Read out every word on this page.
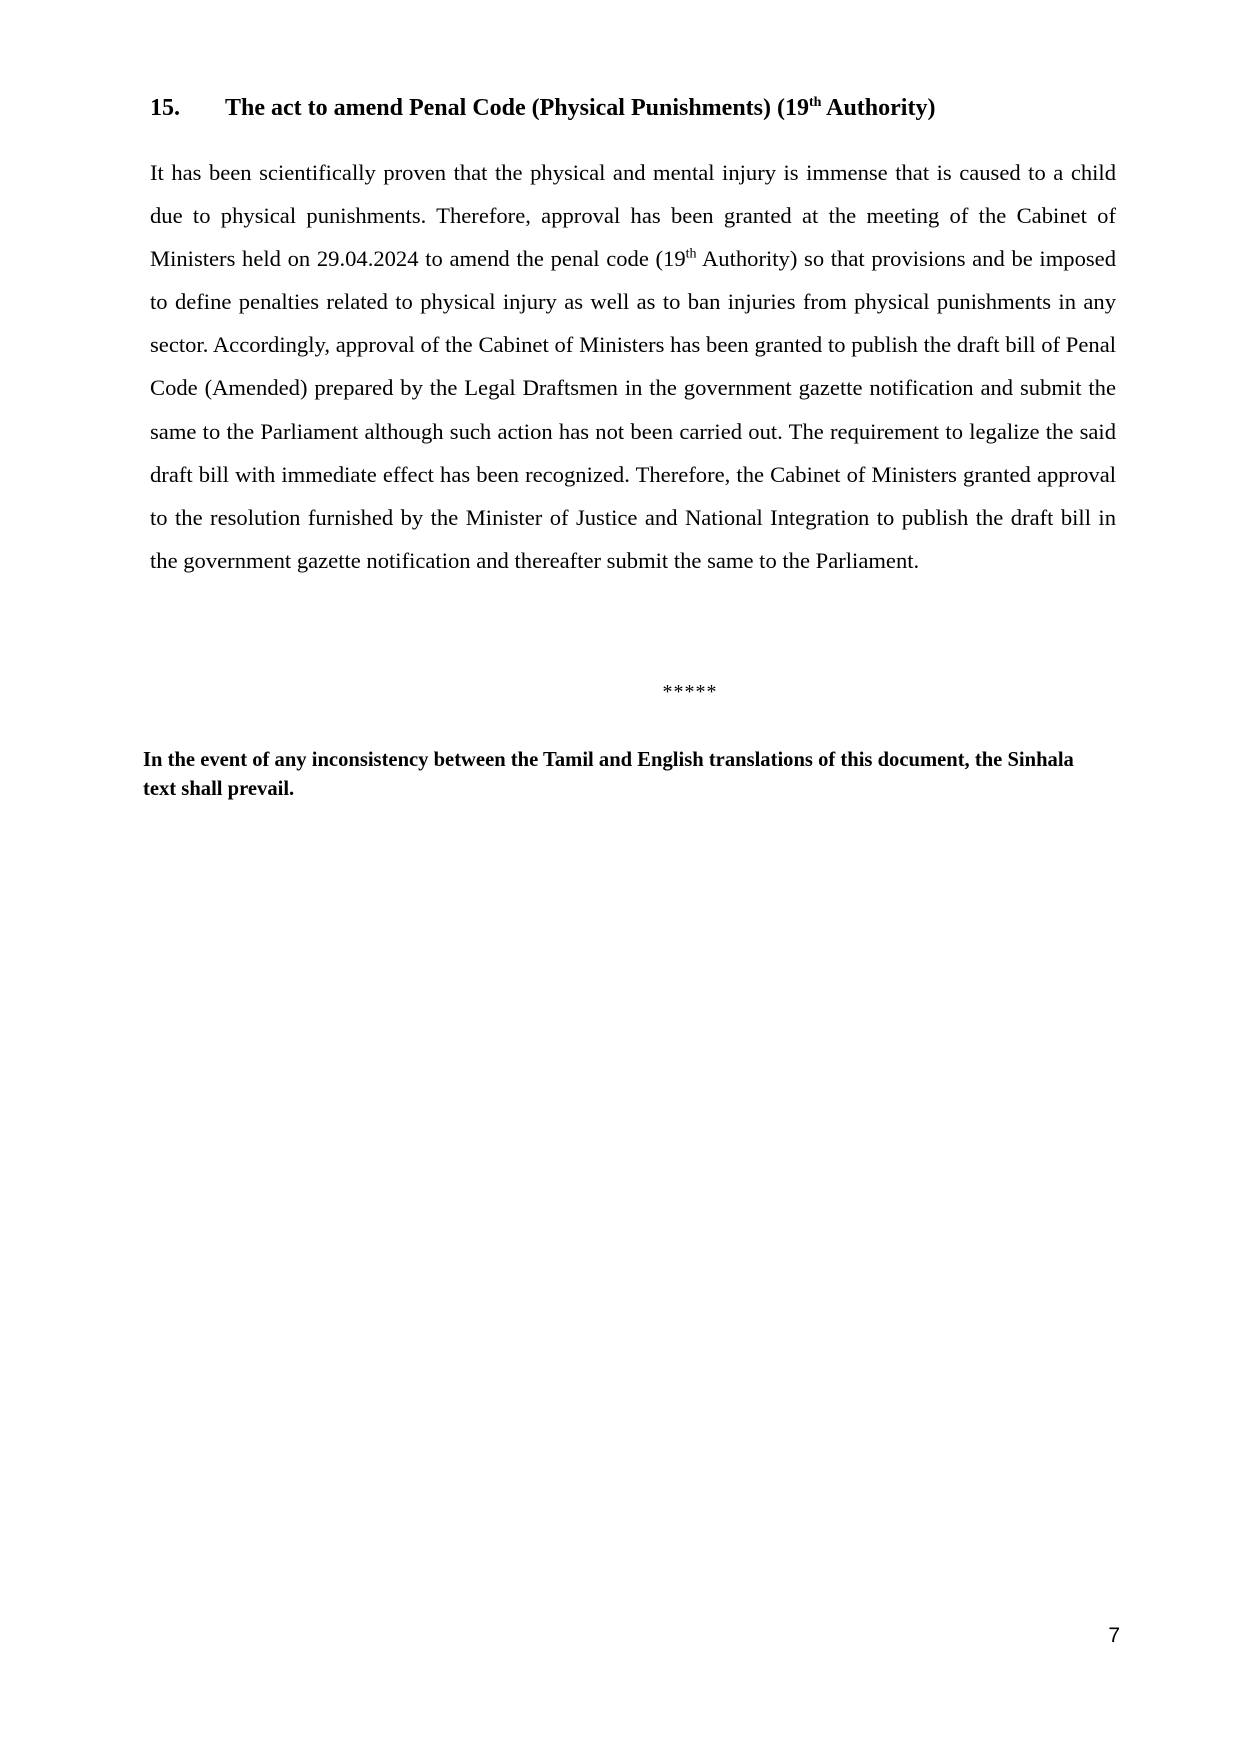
15. The act to amend Penal Code (Physical Punishments) (19th Authority)

It has been scientifically proven that the physical and mental injury is immense that is caused to a child due to physical punishments. Therefore, approval has been granted at the meeting of the Cabinet of Ministers held on 29.04.2024 to amend the penal code (19th Authority) so that provisions and be imposed to define penalties related to physical injury as well as to ban injuries from physical punishments in any sector. Accordingly, approval of the Cabinet of Ministers has been granted to publish the draft bill of Penal Code (Amended) prepared by the Legal Draftsmen in the government gazette notification and submit the same to the Parliament although such action has not been carried out. The requirement to legalize the said draft bill with immediate effect has been recognized. Therefore, the Cabinet of Ministers granted approval to the resolution furnished by the Minister of Justice and National Integration to publish the draft bill in the government gazette notification and thereafter submit the same to the Parliament.

*****

In the event of any inconsistency between the Tamil and English translations of this document, the Sinhala text shall prevail.

7
